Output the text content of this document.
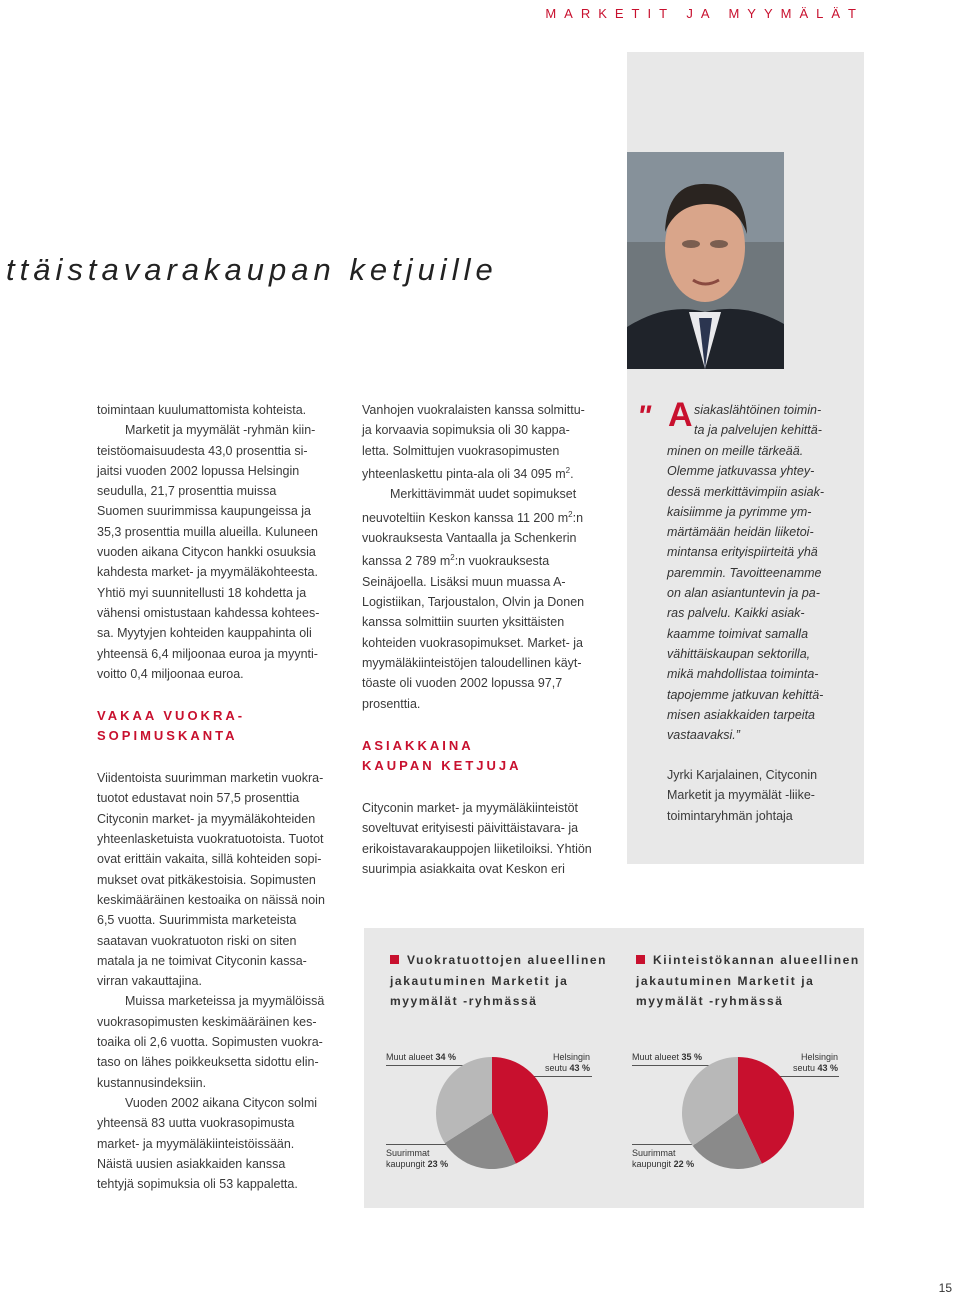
MARKETIT JA MYYMÄLÄT
ttäistavarakaupan ketjuille

toimintaan kuulumattomista kohteista.

Marketit ja myymälät -ryhmän kiin-

teistöomaisuudesta 43,0 prosenttia si-
jaitsi vuoden 2002 lopussa Helsingin
seudulla, 21,7 prosenttia muissa
Suomen suurimmissa kaupungeissa ja
35,3 prosenttia muilla alueilla. Kuluneen
vuoden aikana Citycon hankki osuuksia
kahdesta market- ja myymäläkohteesta.
Yhtiö myi suunnitellusti 18 kohdetta ja
vähensi omistustaan kahdessa kohtees-
sa. Myytyjen kohteiden kauppahinta oli
yhteensä 6,4 miljoonaa euroa ja myynti-
voitto 0,4 miljoonaa euroa.
VAKAA VUOKRA-
SOPIMUSKANTA
Viidentoista suurimman marketin vuokra-
tuotot edustavat noin 57,5 prosenttia
Cityconin market- ja myymäläkohteiden
yhteenlasketuista vuokratuotoista. Tuotot
ovat erittäin vakaita, sillä kohteiden sopi-
mukset ovat pitkäkestoisia. Sopimusten
keskimääräinen kestoaika on näissä noin
6,5 vuotta. Suurimmista marketeista
saatavan vuokratuoton riski on siten
matala ja ne toimivat Cityconin kassa-
virran vakauttajina.

Muissa marketeissa ja myymälöissä

vuokrasopimusten keskimääräinen kes-
toaika oli 2,6 vuotta. Sopimusten vuokra-
taso on lähes poikkeuksetta sidottu elin-
kustannusindeksiin.

Vuoden 2002 aikana Citycon solmi

yhteensä 83 uutta vuokrasopimusta
market- ja myymäläkiinteistöissään.
Näistä uusien asiakkaiden kanssa
tehtyjä sopimuksia oli 53 kappaletta.
Vanhojen vuokralaisten kanssa solmittu-
ja korvaavia sopimuksia oli 30 kappa-
letta. Solmittujen vuokrasopimusten
yhteenlaskettu pinta-ala oli 34 095 $m^2$.

Merkittävimmät uudet sopimukset

neuvoteltiin Keskon kanssa 11 200 $m^2:n$
vuokrauksesta Vantaalla ja Schenkerin
kanssa 2 789 $m^2:n$ vuokrauksesta
Seinäjoella. Lisäksi muun muassa A-
Logistiikan, Tarjoustalon, Olvin ja Donen
kanssa solmittiin suurten yksittäisten
kohteiden vuokrasopimukset. Market- ja
myymäläkiinteistöjen taloudellinen käyt-
töaste oli vuoden 2002 lopussa 97,7
prosenttia.
ASIAKKAINA
KAUPAN KETJUJA
Cityconin market- ja myymäläkiinteistöt
soveltuvat erityisesti päivittäistavara- ja
erikoistavarakauppojen liiketiloiksi. Yhtiön
suurimpia asiakkaita ovat Keskon eri
" A siakaslähtöinen toimin-
ta ja palvelujen kehittä-
minen on meille tärkeää.
Olemme jatkuvassa yhtey-
dessä merkittävimpiin asiak-
kaisiimme ja pyrimme ym-
märtämään heidän liiketoi-
mintansa erityispiirteitä yhä
paremmin. Tavoitteenamme
on alan asiantuntevin ja pa-
ras palvelu. Kaikki asiak-
kaamme toimivat samalla
vähittäiskaupan sektorilla,
mikä mahdollistaa toiminta-
tapojemme jatkuvan kehittä-
misen asiakkaiden tarpeita
vastaavaksi.”
Jyrki Karjalainen, Cityconin
Marketit ja myymälät -liike-
toimintaryhmän johtaja
Vuokratuottojen alueellinen
jakautuminen Marketit ja
myymälät -ryhmässä
Muut alueet 34 %	Helsingin
seutu 43 %
Suurimmat
kaupungit 23 %
Kiinteistökannan alueellinen
jakautuminen Marketit ja
myymälät -ryhmässä
Muut alueet 35 %	Helsingin
seutu 43 %
Suurimmat
kaupungit 22 %
15
